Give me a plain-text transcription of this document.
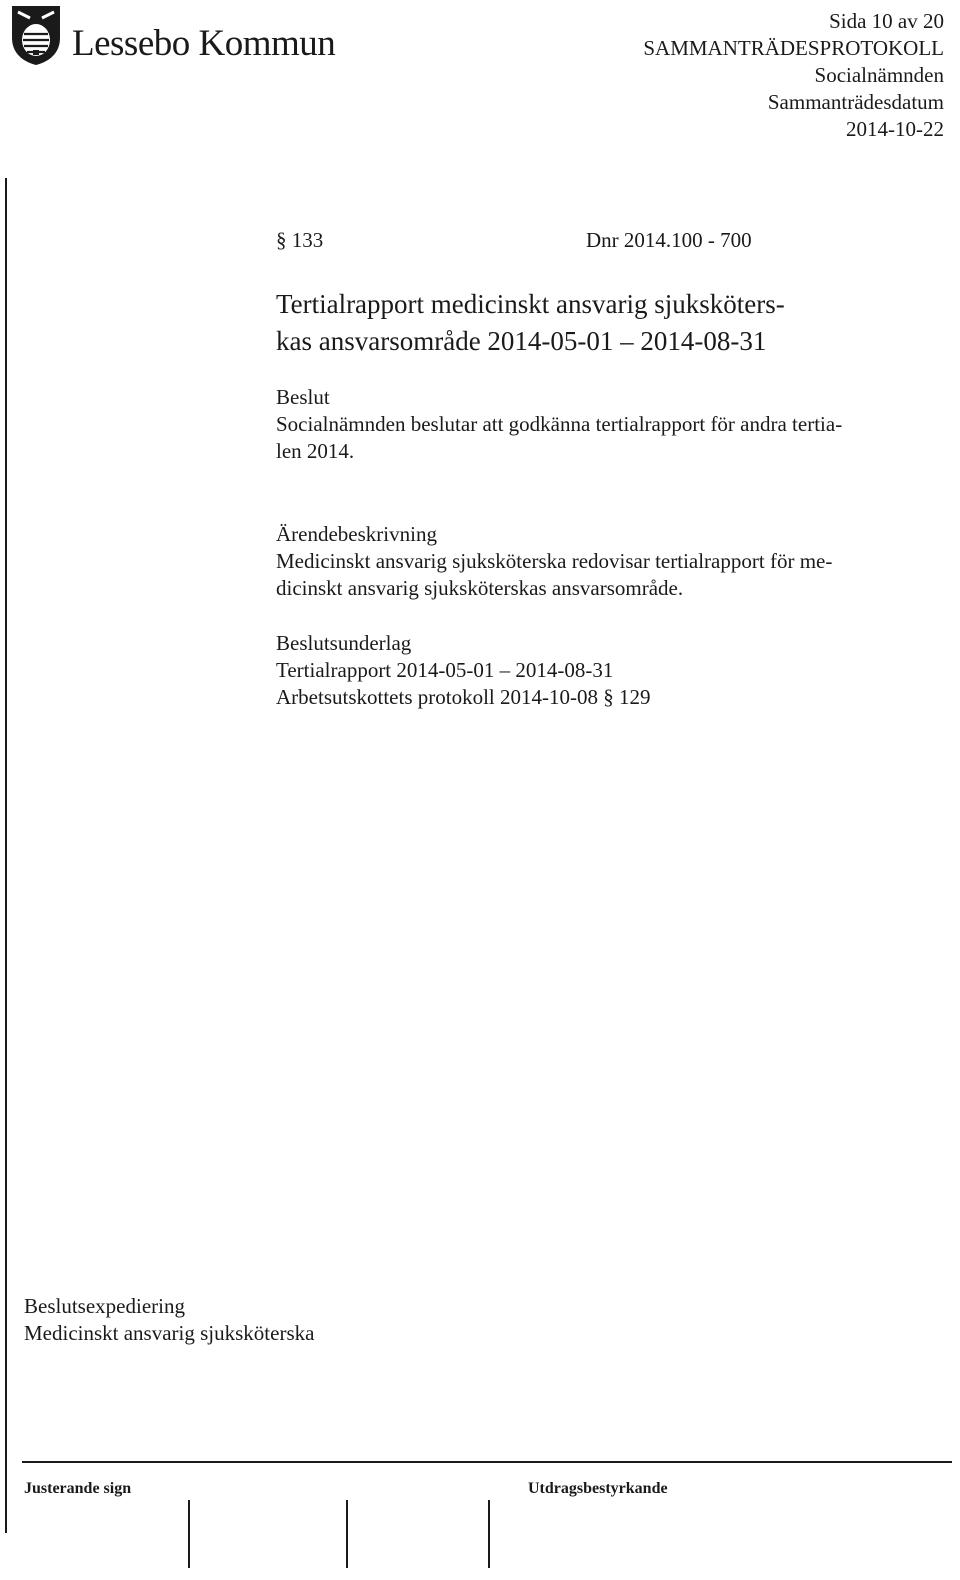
Lessebo Kommun
Sida 10 av 20
SAMMANTRÄDESPROTOKOLL
Socialnämnden
Sammanträdesdatum
2014-10-22
§ 133	Dnr 2014.100 - 700
Tertialrapport medicinskt ansvarig sjuksköters-
kas ansvarsområde 2014-05-01 – 2014-08-31
Beslut
Socialnämnden beslutar att godkänna tertialrapport för andra tertia-
len 2014.
Ärendebeskrivning
Medicinskt ansvarig sjuksköterska redovisar tertialrapport för me-
dicinskt ansvarig sjuksköterskas ansvarsområde.
Beslutsunderlag
Tertialrapport 2014-05-01 – 2014-08-31
Arbetsutskottets protokoll 2014-10-08 § 129
Beslutsexpediering
Medicinskt ansvarig sjuksköterska
Justerande sign	Utdragsbestyrkande
